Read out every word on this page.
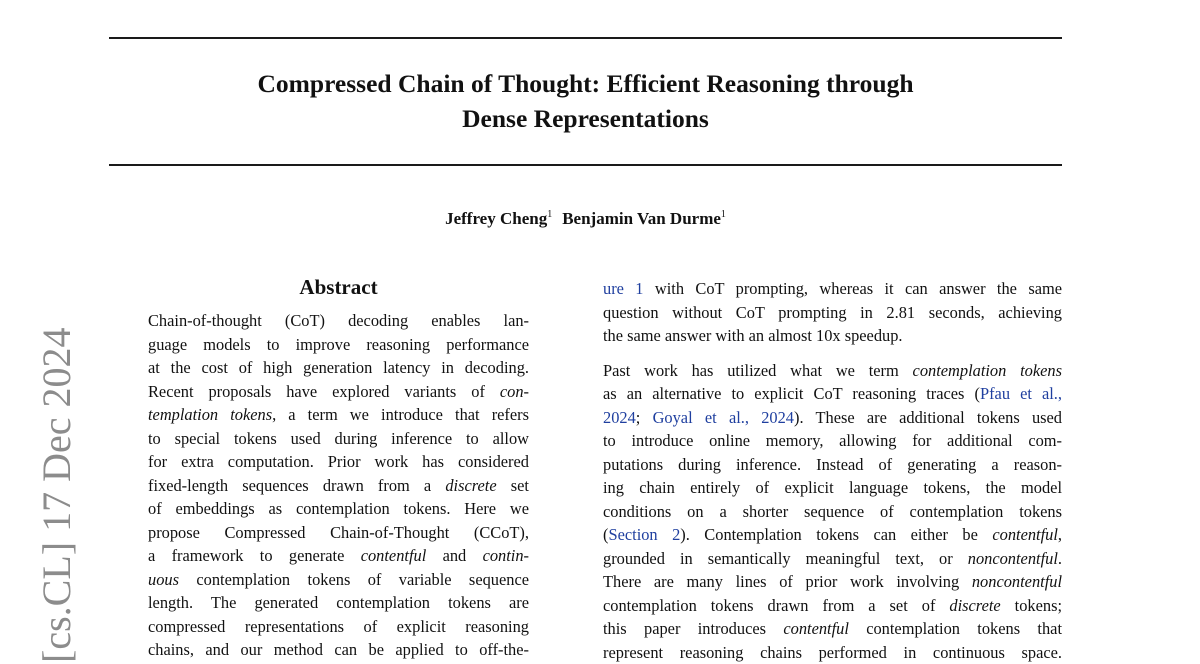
Compressed Chain of Thought: Efficient Reasoning through
Dense Representations
Jeffrey Cheng$^1$ Benjamin Van Durme$^1$
[cs.CL] 17 Dec 2024
Abstract
Chain-of-thought (CoT) decoding enables lan-
guage models to improve reasoning performance
at the cost of high generation latency in decoding.
Recent proposals have explored variants of con-
templation tokens, a term we introduce that refers
to special tokens used during inference to allow
for extra computation. Prior work has considered
fixed-length sequences drawn from a discrete set
of embeddings as contemplation tokens. Here we
propose Compressed Chain-of-Thought (CCoT),
a framework to generate contentful and contin-
uous contemplation tokens of variable sequence
length. The generated contemplation tokens are
compressed representations of explicit reasoning
chains, and our method can be applied to off-the-
ure 1 with CoT prompting, whereas it can answer the same
question without CoT prompting in 2.81 seconds, achieving
the same answer with an almost 10x speedup.
Past work has utilized what we term contemplation tokens
as an alternative to explicit CoT reasoning traces (Pfau et al.,
2024; Goyal et al., 2024). These are additional tokens used
to introduce online memory, allowing for additional com-
putations during inference. Instead of generating a reason-
ing chain entirely of explicit language tokens, the model
conditions on a shorter sequence of contemplation tokens
(Section 2). Contemplation tokens can either be contentful,
grounded in semantically meaningful text, or noncontentful.
There are many lines of prior work involving noncontentful
contemplation tokens drawn from a set of discrete tokens;
this paper introduces contentful contemplation tokens that
represent reasoning chains performed in continuous space.
